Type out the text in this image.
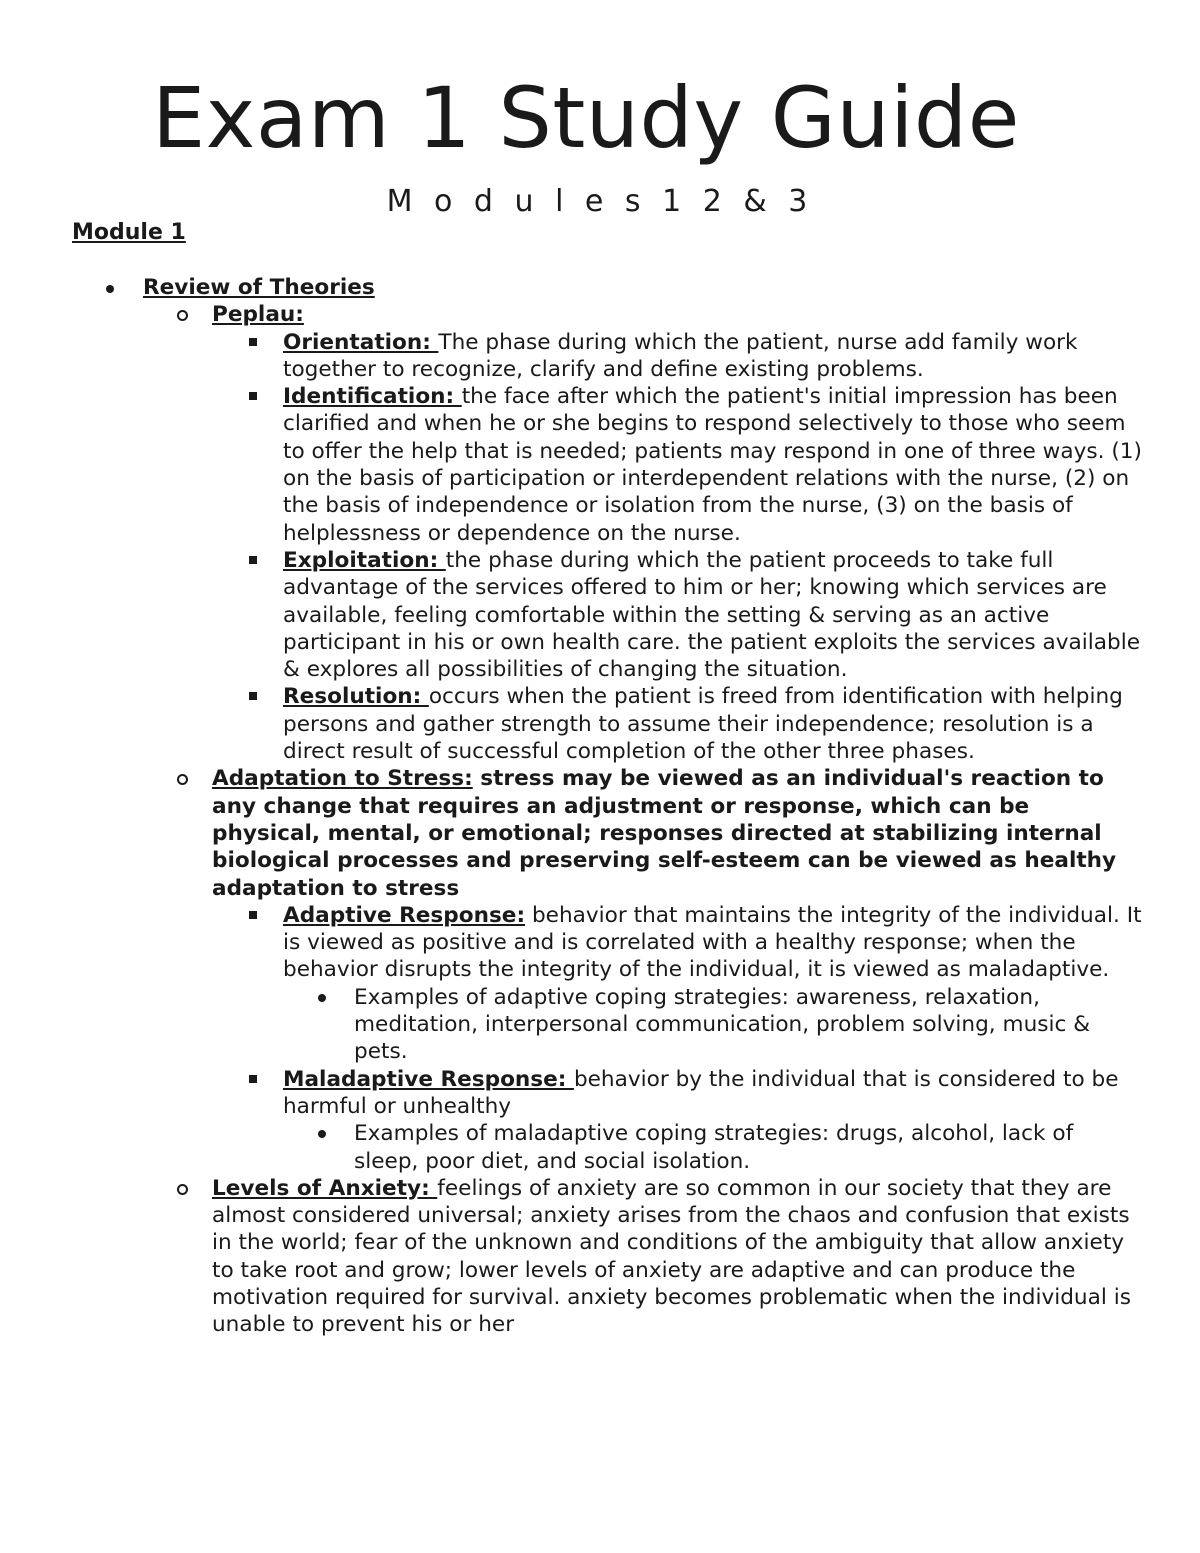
Exam 1 Study Guide

M o d u l e s 1 2 & 3

Module 1

Review of Theories
Peplau:
Orientation: The phase during which the patient, nurse add family work together to recognize, clarify and define existing problems.
Identification: the face after which the patient's initial impression has been clarified and when he or she begins to respond selectively to those who seem to offer the help that is needed; patients may respond in one of three ways. (1) on the basis of participation or interdependent relations with the nurse, (2) on the basis of independence or isolation from the nurse, (3) on the basis of helplessness or dependence on the nurse.
Exploitation: the phase during which the patient proceeds to take full advantage of the services offered to him or her; knowing which services are available, feeling comfortable within the setting & serving as an active participant in his or own health care. the patient exploits the services available & explores all possibilities of changing the situation.
Resolution: occurs when the patient is freed from identification with helping persons and gather strength to assume their independence; resolution is a direct result of successful completion of the other three phases.
Adaptation to Stress: stress may be viewed as an individual's reaction to any change that requires an adjustment or response, which can be physical, mental, or emotional; responses directed at stabilizing internal biological processes and preserving self-esteem can be viewed as healthy adaptation to stress
Adaptive Response: behavior that maintains the integrity of the individual. It is viewed as positive and is correlated with a healthy response; when the behavior disrupts the integrity of the individual, it is viewed as maladaptive.
Examples of adaptive coping strategies: awareness, relaxation, meditation, interpersonal communication, problem solving, music & pets.
Maladaptive Response: behavior by the individual that is considered to be harmful or unhealthy
Examples of maladaptive coping strategies: drugs, alcohol, lack of sleep, poor diet, and social isolation.
Levels of Anxiety: feelings of anxiety are so common in our society that they are almost considered universal; anxiety arises from the chaos and confusion that exists in the world; fear of the unknown and conditions of the ambiguity that allow anxiety to take root and grow; lower levels of anxiety are adaptive and can produce the motivation required for survival. anxiety becomes problematic when the individual is unable to prevent his or her
